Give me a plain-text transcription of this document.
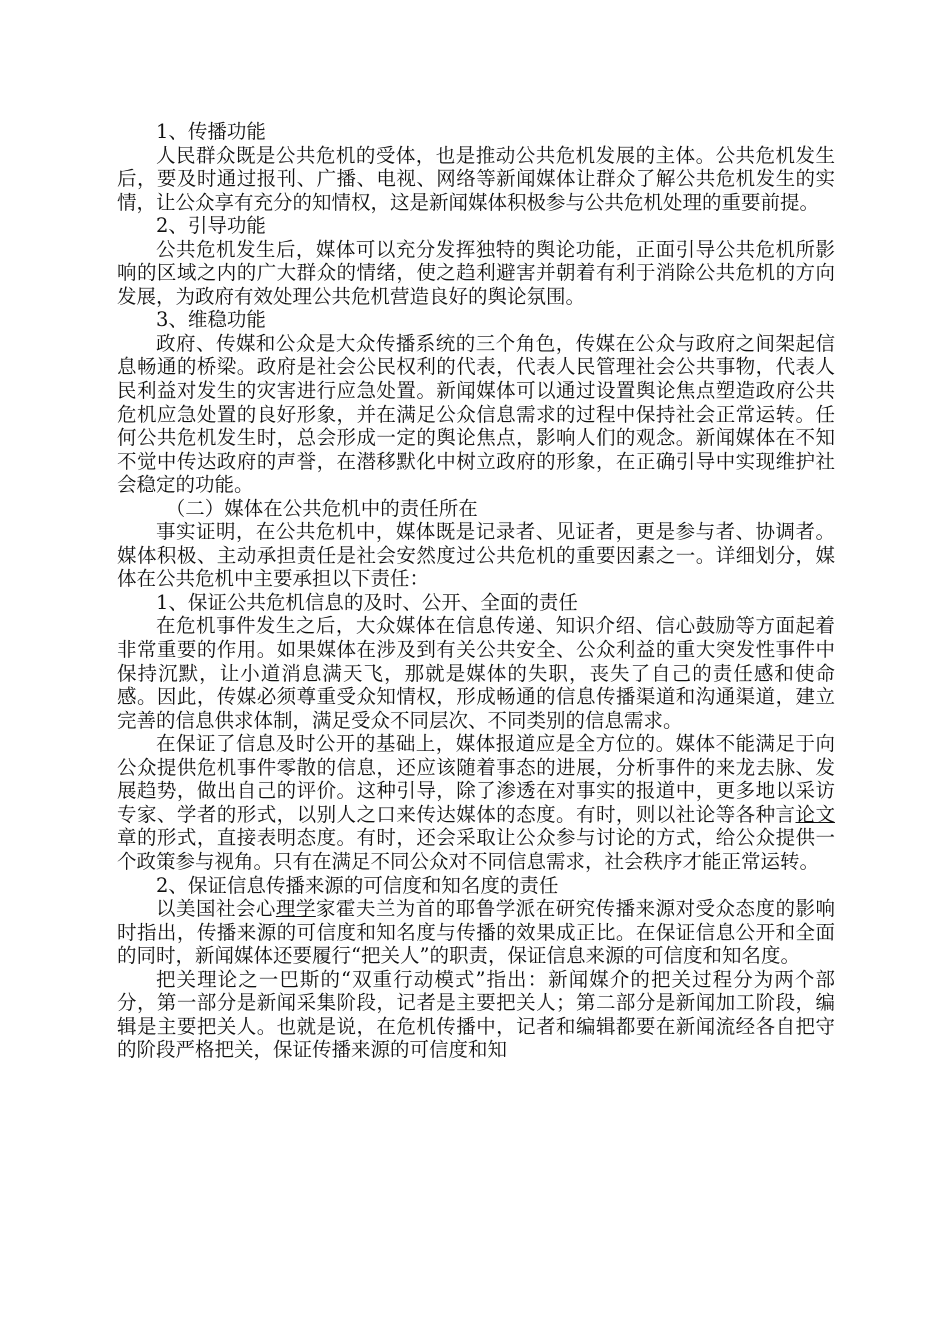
1、传播功能

人民群众既是公共危机的受体，也是推动公共危机发展的主体。公共危机发生后，要及时通过报刊、广播、电视、网络等新闻媒体让群众了解公共危机发生的实情，让公众享有充分的知情权，这是新闻媒体积极参与公共危机处理的重要前提。

2、引导功能

公共危机发生后，媒体可以充分发挥独特的舆论功能，正面引导公共危机所影响的区域之内的广大群众的情绪，使之趋利避害并朝着有利于消除公共危机的方向发展，为政府有效处理公共危机营造良好的舆论氛围。

3、维稳功能

政府、传媒和公众是大众传播系统的三个角色，传媒在公众与政府之间架起信息畅通的桥梁。政府是社会公民权利的代表，代表人民管理社会公共事物，代表人民利益对发生的灾害进行应急处置。新闻媒体可以通过设置舆论焦点塑造政府公共危机应急处置的良好形象，并在满足公众信息需求的过程中保持社会正常运转。任何公共危机发生时，总会形成一定的舆论焦点，影响人们的观念。新闻媒体在不知不觉中传达政府的声誉，在潜移默化中树立政府的形象，在正确引导中实现维护社会稳定的功能。

（二）媒体在公共危机中的责任所在

事实证明，在公共危机中，媒体既是记录者、见证者，更是参与者、协调者。媒体积极、主动承担责任是社会安然度过公共危机的重要因素之一。详细划分，媒体在公共危机中主要承担以下责任：

1、保证公共危机信息的及时、公开、全面的责任

在危机事件发生之后，大众媒体在信息传递、知识介绍、信心鼓励等方面起着非常重要的作用。如果媒体在涉及到有关公共安全、公众利益的重大突发性事件中保持沉默，让小道消息满天飞，那就是媒体的失职，丧失了自己的责任感和使命感。因此，传媒必须尊重受众知情权，形成畅通的信息传播渠道和沟通渠道，建立完善的信息供求体制，满足受众不同层次、不同类别的信息需求。

在保证了信息及时公开的基础上，媒体报道应是全方位的。媒体不能满足于向公众提供危机事件零散的信息，还应该随着事态的进展，分析事件的来龙去脉、发展趋势，做出自己的评价。这种引导，除了渗透在对事实的报道中，更多地以采访专家、学者的形式，以别人之口来传达媒体的态度。有时，则以社论等各种言论文章的形式，直接表明态度。有时，还会采取让公众参与讨论的方式，给公众提供一个政策参与视角。只有在满足不同公众对不同信息需求，社会秩序才能正常运转。

2、保证信息传播来源的可信度和知名度的责任

以美国社会心理学家霍夫兰为首的耶鲁学派在研究传播来源对受众态度的影响时指出，传播来源的可信度和知名度与传播的效果成正比。在保证信息公开和全面的同时，新闻媒体还要履行“把关人”的职责，保证信息来源的可信度和知名度。

把关理论之一巴斯的“双重行动模式”指出：新闻媒介的把关过程分为两个部分，第一部分是新闻采集阶段，记者是主要把关人；第二部分是新闻加工阶段，编辑是主要把关人。也就是说，在危机传播中，记者和编辑都要在新闻流经各自把守的阶段严格把关，保证传播来源的可信度和知
